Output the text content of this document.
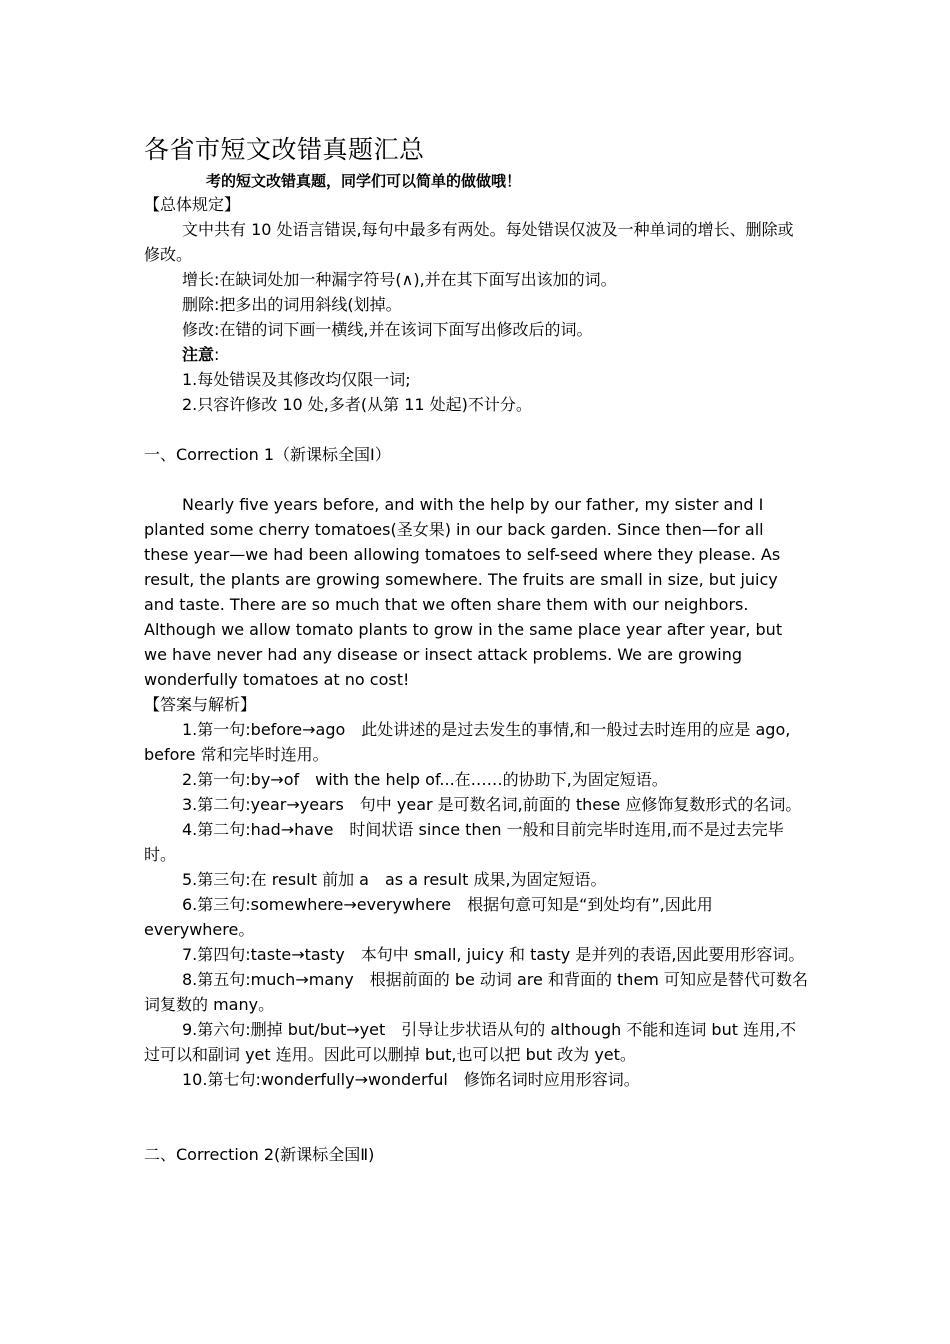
各省市短文改错真题汇总

考的短文改错真题，同学们可以简单的做做哦！

【总体规定】

文中共有 10 处语言错误,每句中最多有两处。每处错误仅波及一种单词的增长、删除或修改。

增长:在缺词处加一种漏字符号(∧),并在其下面写出该加的词。

删除:把多出的词用斜线(划掉。

修改:在错的词下画一横线,并在该词下面写出修改后的词。

注意:

1.每处错误及其修改均仅限一词;

2.只容许修改 10 处,多者(从第 11 处起)不计分。

一、Correction 1（新课标全国Ⅰ）

Nearly five years before, and with the help by our father, my sister and I planted some cherry tomatoes(圣女果) in our back garden. Since then—for all these year—we had been allowing tomatoes to self-seed where they please. As result, the plants are growing somewhere. The fruits are small in size, but juicy and taste. There are so much that we often share them with our neighbors. Although we allow tomato plants to grow in the same place year after year, but we have never had any disease or insect attack problems. We are growing wonderfully tomatoes at no cost!

【答案与解析】

1.第一句:before→ago　此处讲述的是过去发生的事情,和一般过去时连用的应是 ago, before 常和完毕时连用。

2.第一句:by→of　with the help of...在……的协助下,为固定短语。

3.第二句:year→years　句中 year 是可数名词,前面的 these 应修饰复数形式的名词。

4.第二句:had→have　时间状语 since then 一般和目前完毕时连用,而不是过去完毕时。

5.第三句:在 result 前加 a　as a result 成果,为固定短语。

6.第三句:somewhere→everywhere　根据句意可知是“到处均有”,因此用 everywhere。

7.第四句:taste→tasty　本句中 small, juicy 和 tasty 是并列的表语,因此要用形容词。

8.第五句:much→many　根据前面的 be 动词 are 和背面的 them 可知应是替代可数名词复数的 many。

9.第六句:删掉 but/but→yet　引导让步状语从句的 although 不能和连词 but 连用,不过可以和副词 yet 连用。因此可以删掉 but,也可以把 but 改为 yet。

10.第七句:wonderfully→wonderful　修饰名词时应用形容词。

二、Correction 2(新课标全国Ⅱ)
